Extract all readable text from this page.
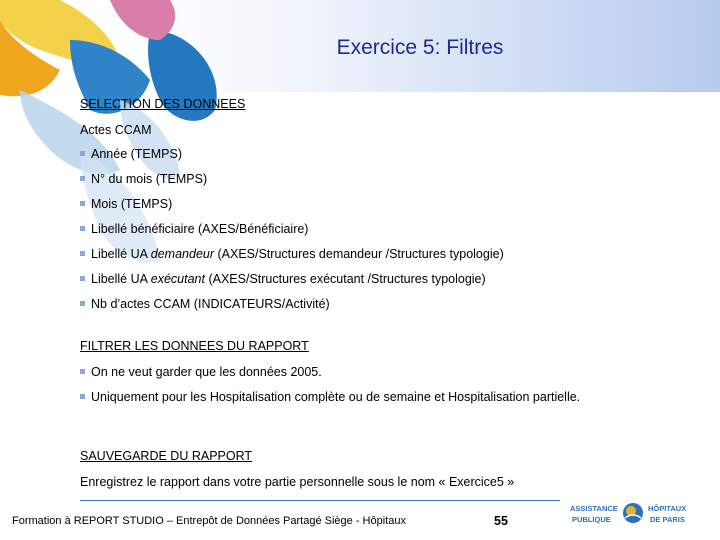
Exercice 5: Filtres
SELECTION DES DONNEES
Actes CCAM
Année (TEMPS)
N° du mois (TEMPS)
Mois (TEMPS)
Libellé bénéficiaire (AXES/Bénéficiaire)
Libellé UA demandeur (AXES/Structures demandeur /Structures typologie)
Libellé UA exécutant (AXES/Structures exécutant /Structures typologie)
Nb d’actes CCAM (INDICATEURS/Activité)
FILTRER LES DONNEES DU RAPPORT
On ne veut garder que les données 2005.
Uniquement pour les Hospitalisation complète ou de semaine et Hospitalisation partielle.
SAUVEGARDE DU RAPPORT
Enregistrez le rapport dans votre partie personnelle sous le nom « Exercice5 »
Formation à REPORT STUDIO – Entrepôt de Données Partagé Siège - Hôpitaux	55
ASSISTANCE
PUBLIQUE
HÔPITAUX
DE PARIS
